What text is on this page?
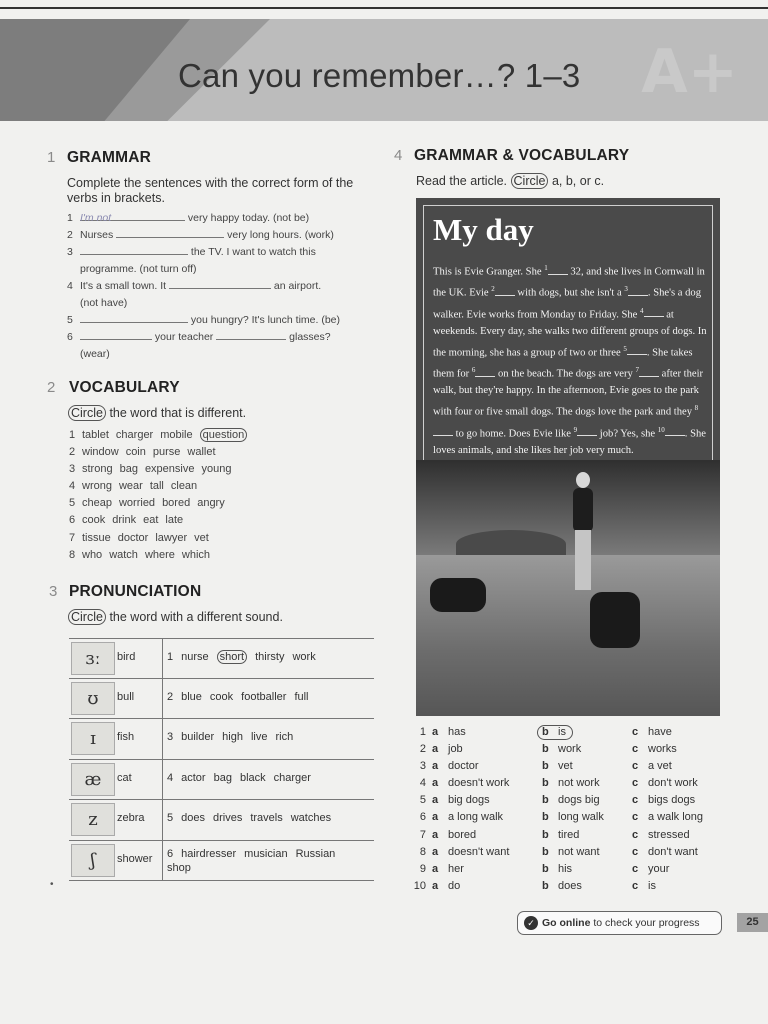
A+
Can you remember…? 1–3
1 GRAMMAR
Complete the sentences with the correct form of the verbs in brackets.
1 I'm not	very happy today. (not be)
2 Nurses	very long hours. (work)
3	the TV. I want to watch this
programme. (not turn off)
4 It's a small town. It	an airport.
(not have)
5	you hungry? It's lunch time. (be)
6	your teacher	glasses?
(wear)
2 VOCABULARY
Circle the word that is different.
1 tablet charger mobile question
2 window coin purse wallet
3 strong bag expensive young
4 wrong wear tall clean
5 cheap worried bored angry
6 cook drink eat late
7 tissue doctor lawyer vet
8 who watch where which
3 PRONUNCIATION
Circle the word with a different sound.
ɜː	bird	1 nurse short thirsty work
ʊ	bull	2 blue cook footballer full
ɪ	fish	3 builder high live rich
æ	cat	4 actor bag black charger
z	zebra 5 does drives travels watches
ʃ	shower 6 hairdresser musician Russian
shop
•
4 GRAMMAR & VOCABULARY
Read the article. Circle a, b, or c.
My day
This is Evie Granger. She $^1$ 32, and she lives in Cornwall in the UK. Evie $^2$ with dogs, but she isn't a $^3$ . She's a dog walker. Evie works from Monday to Friday. She $^4$ at weekends. Every day, she walks two different groups of dogs. In the morning, she has a group of two or three $^5$ . She takes them for $^6$ on the beach. The dogs are very $^7$ after their walk, but they're happy. In the afternoon, Evie goes to the park with four or five small dogs. The dogs love the park and they $^8$ to go home. Does Evie like $^9$ job? Yes, she $^{10}$ . She loves animals, and she likes her job very much.
1 a has	b is	c have
2 a job	b work	c works
3 a doctor	b vet	c a vet
4 a doesn't work	b not work	c don't work
5 a big dogs	b dogs big	c bigs dogs
6 a a long walk	b long walk	c a walk long
7 a bored	b tired	c stressed
8 a doesn't want	b not want	c don't want
9 a her	b his	c your
10 a do	b does	c is
✓ Go online to check your progress	25
